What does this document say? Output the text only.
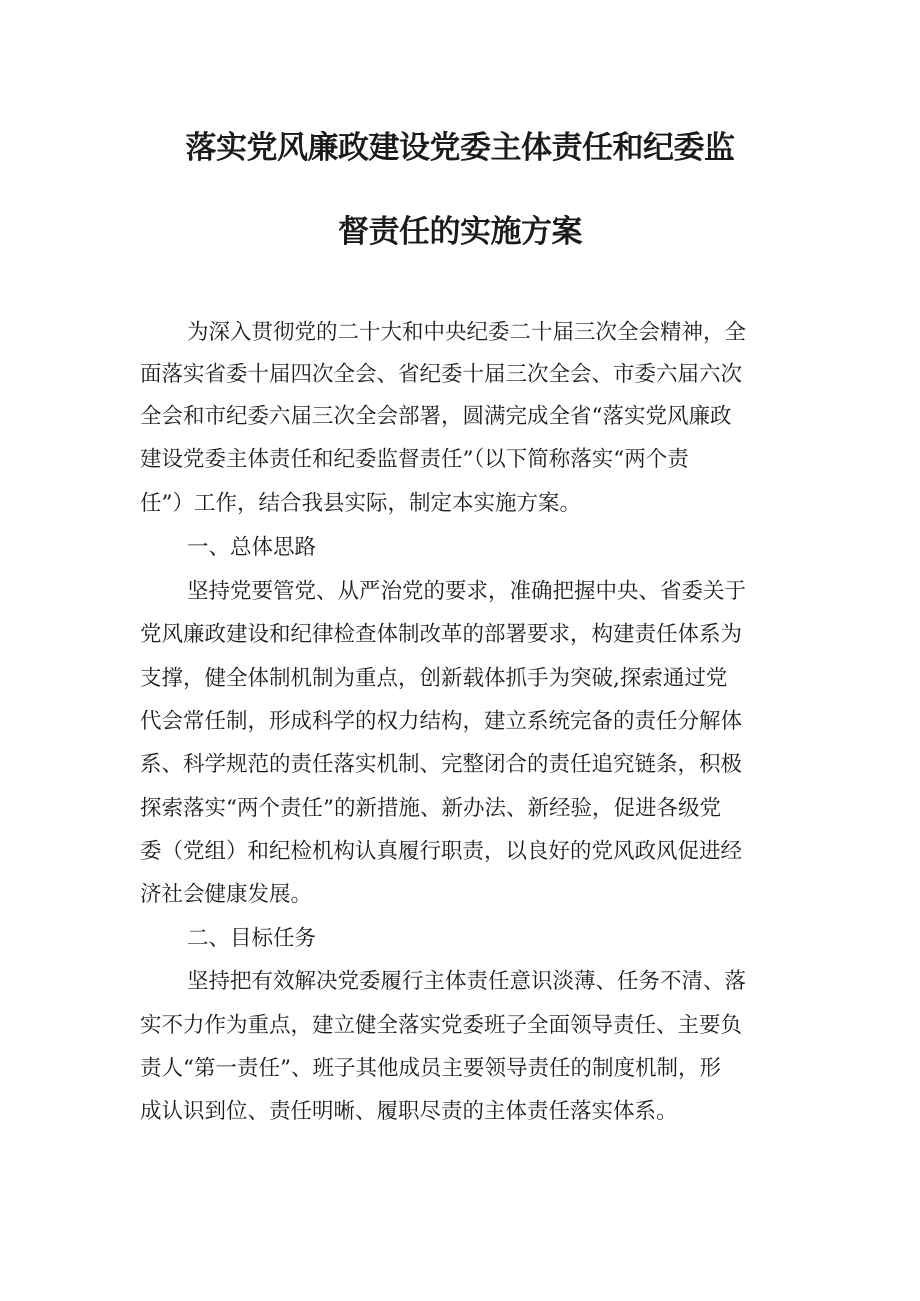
落实党风廉政建设党委主体责任和纪委监
督责任的实施方案
为深入贯彻党的二十大和中央纪委二十届三次全会精神，全
面落实省委十届四次全会、省纪委十届三次全会、市委六届六次
全会和市纪委六届三次全会部署，圆满完成全省“落实党风廉政
建设党委主体责任和纪委监督责任”（以下简称落实“两个责
任”）工作，结合我县实际，制定本实施方案。
一、总体思路
坚持党要管党、从严治党的要求，准确把握中央、省委关于
党风廉政建设和纪律检查体制改革的部署要求，构建责任体系为
支撑，健全体制机制为重点，创新载体抓手为突破,探索通过党
代会常任制，形成科学的权力结构，建立系统完备的责任分解体
系、科学规范的责任落实机制、完整闭合的责任追究链条，积极
探索落实“两个责任”的新措施、新办法、新经验，促进各级党
委（党组）和纪检机构认真履行职责，以良好的党风政风促进经
济社会健康发展。
二、目标任务
坚持把有效解决党委履行主体责任意识淡薄、任务不清、落
实不力作为重点，建立健全落实党委班子全面领导责任、主要负
责人“第一责任”、班子其他成员主要领导责任的制度机制，形
成认识到位、责任明晰、履职尽责的主体责任落实体系。
